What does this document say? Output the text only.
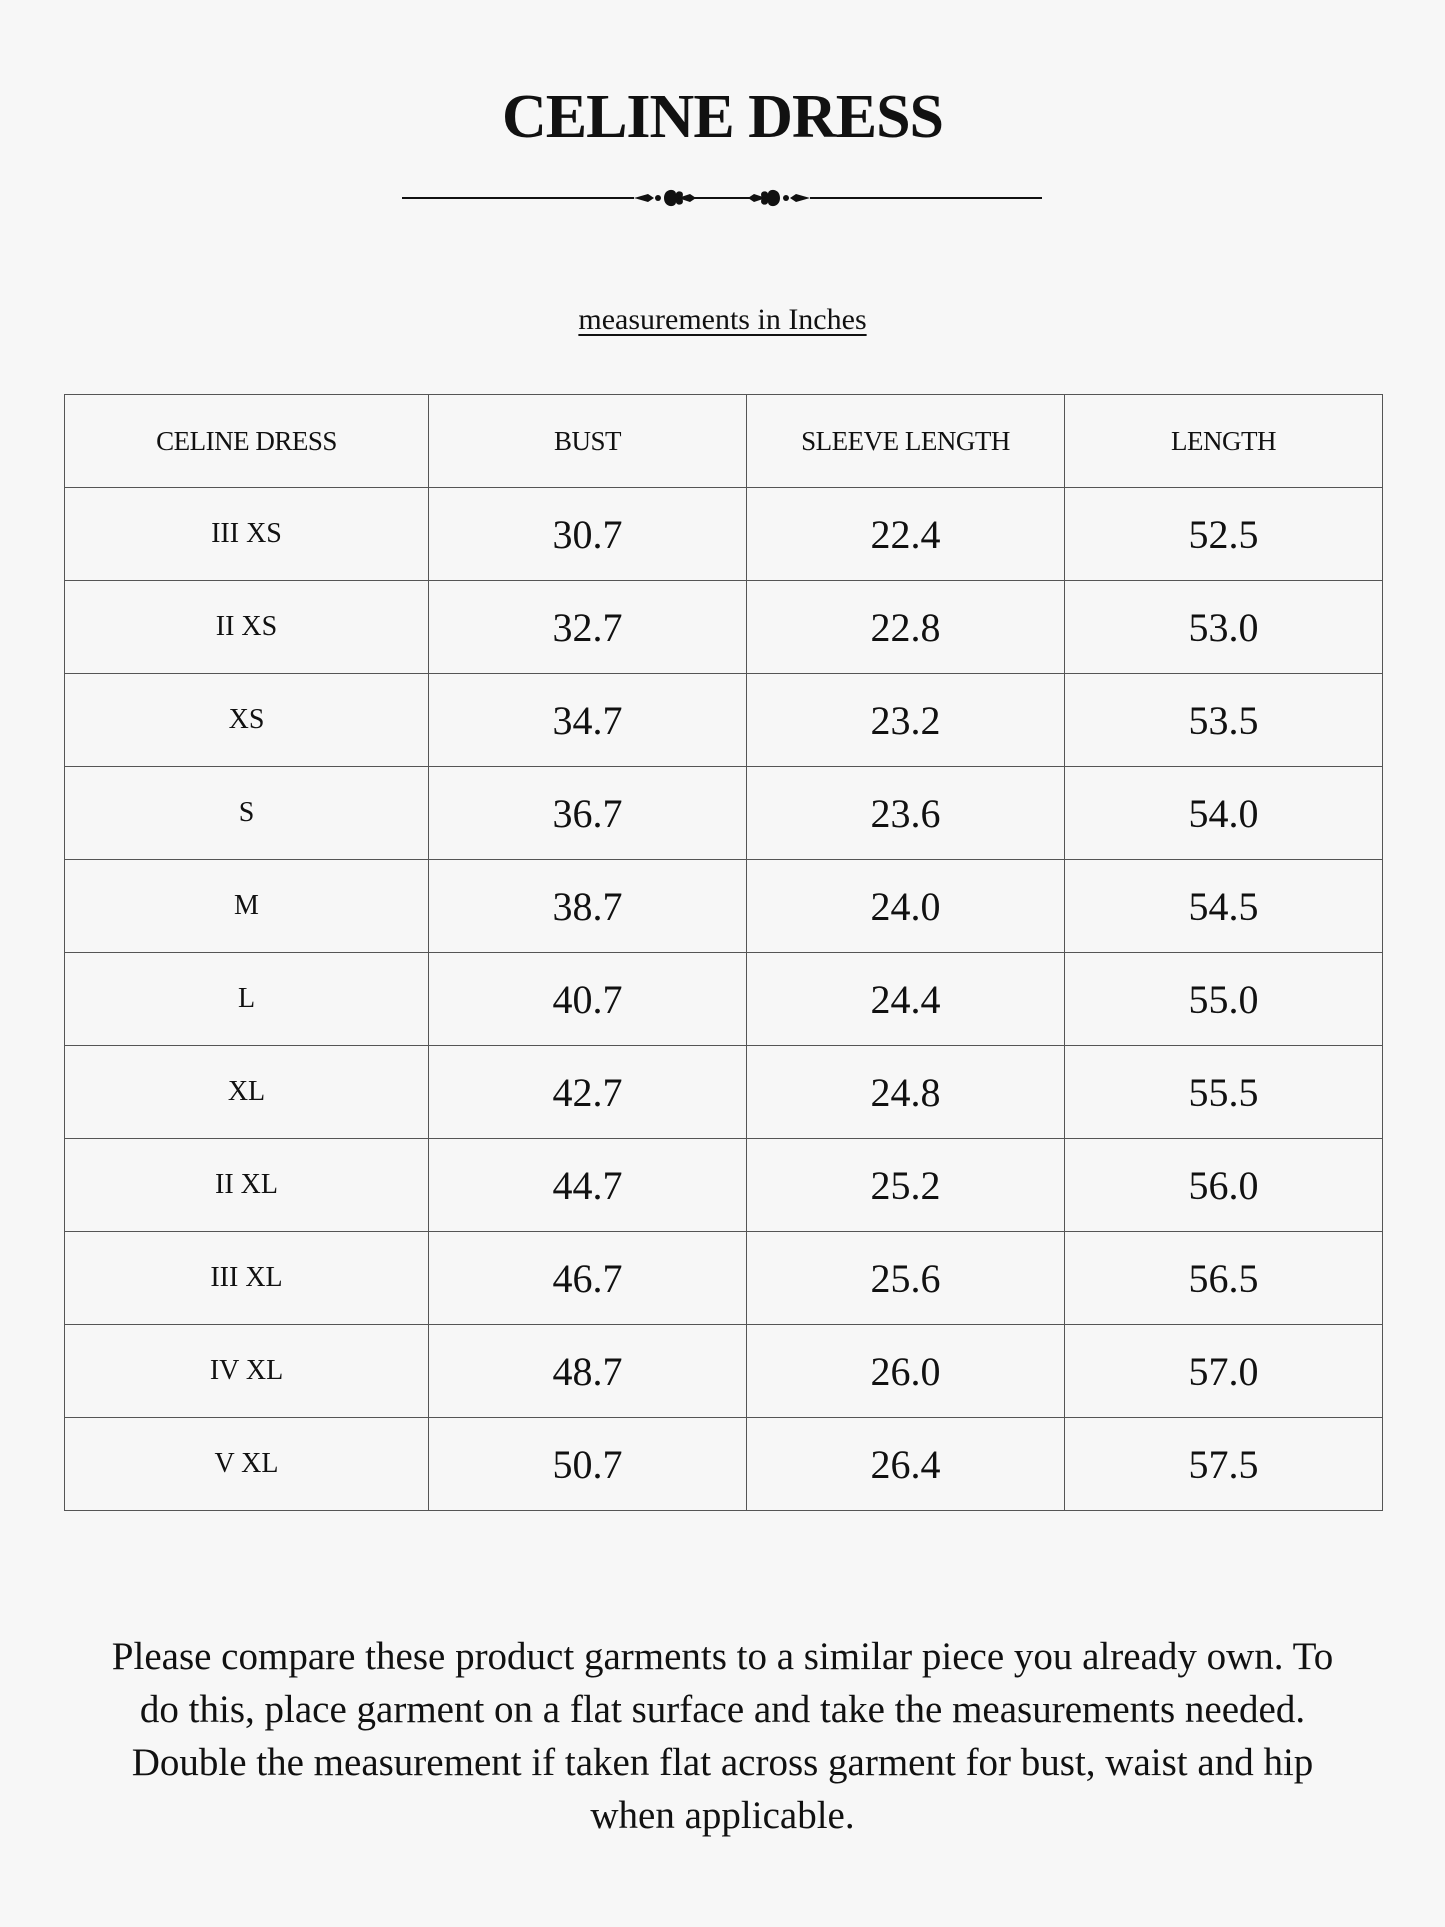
CELINE DRESS
measurements in Inches
CELINE DRESS	BUST	SLEEVE LENGTH	LENGTH
III XS	30.7	22.4	52.5
II XS	32.7	22.8	53.0
XS	34.7	23.2	53.5
S	36.7	23.6	54.0
M	38.7	24.0	54.5
L	40.7	24.4	55.0
XL	42.7	24.8	55.5
II XL	44.7	25.2	56.0
III XL	46.7	25.6	56.5
IV XL	48.7	26.0	57.0
V XL	50.7	26.4	57.5
Please compare these product garments to a similar piece you already own. To do this, place garment on a flat surface and take the measurements needed. Double the measurement if taken flat across garment for bust, waist and hip when applicable.
